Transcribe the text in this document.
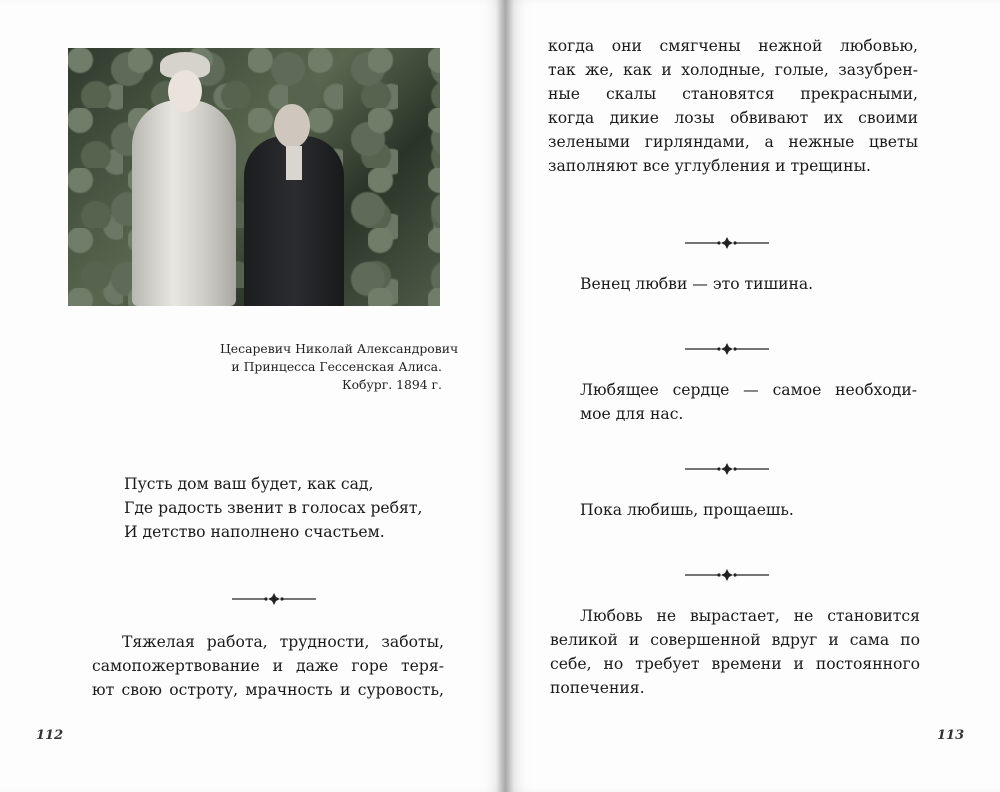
Цесаревич Николай Александрович
и Принцесса Гессенская Алиса.
Кобург. 1894 г.
Пусть дом ваш будет, как сад,
Где радость звенит в голосах ребят,
И детство наполнено счастьем.
Тяжелая работа, трудности, заботы,
самопожертвование и даже горе теря-
ют свою остроту, мрачность и суровость,
112
когда они смягчены нежной любовью,
так же, как и холодные, голые, зазубрен-
ные скалы становятся прекрасными,
когда дикие лозы обвивают их своими
зелеными гирляндами, а нежные цветы
заполняют все углубления и трещины.
Венец любви — это тишина.
Любящее сердце — самое необходи-
мое для нас.
Пока любишь, прощаешь.
Любовь не вырастает, не становится
великой и совершенной вдруг и сама по
себе, но требует времени и постоянного
попечения.
113
